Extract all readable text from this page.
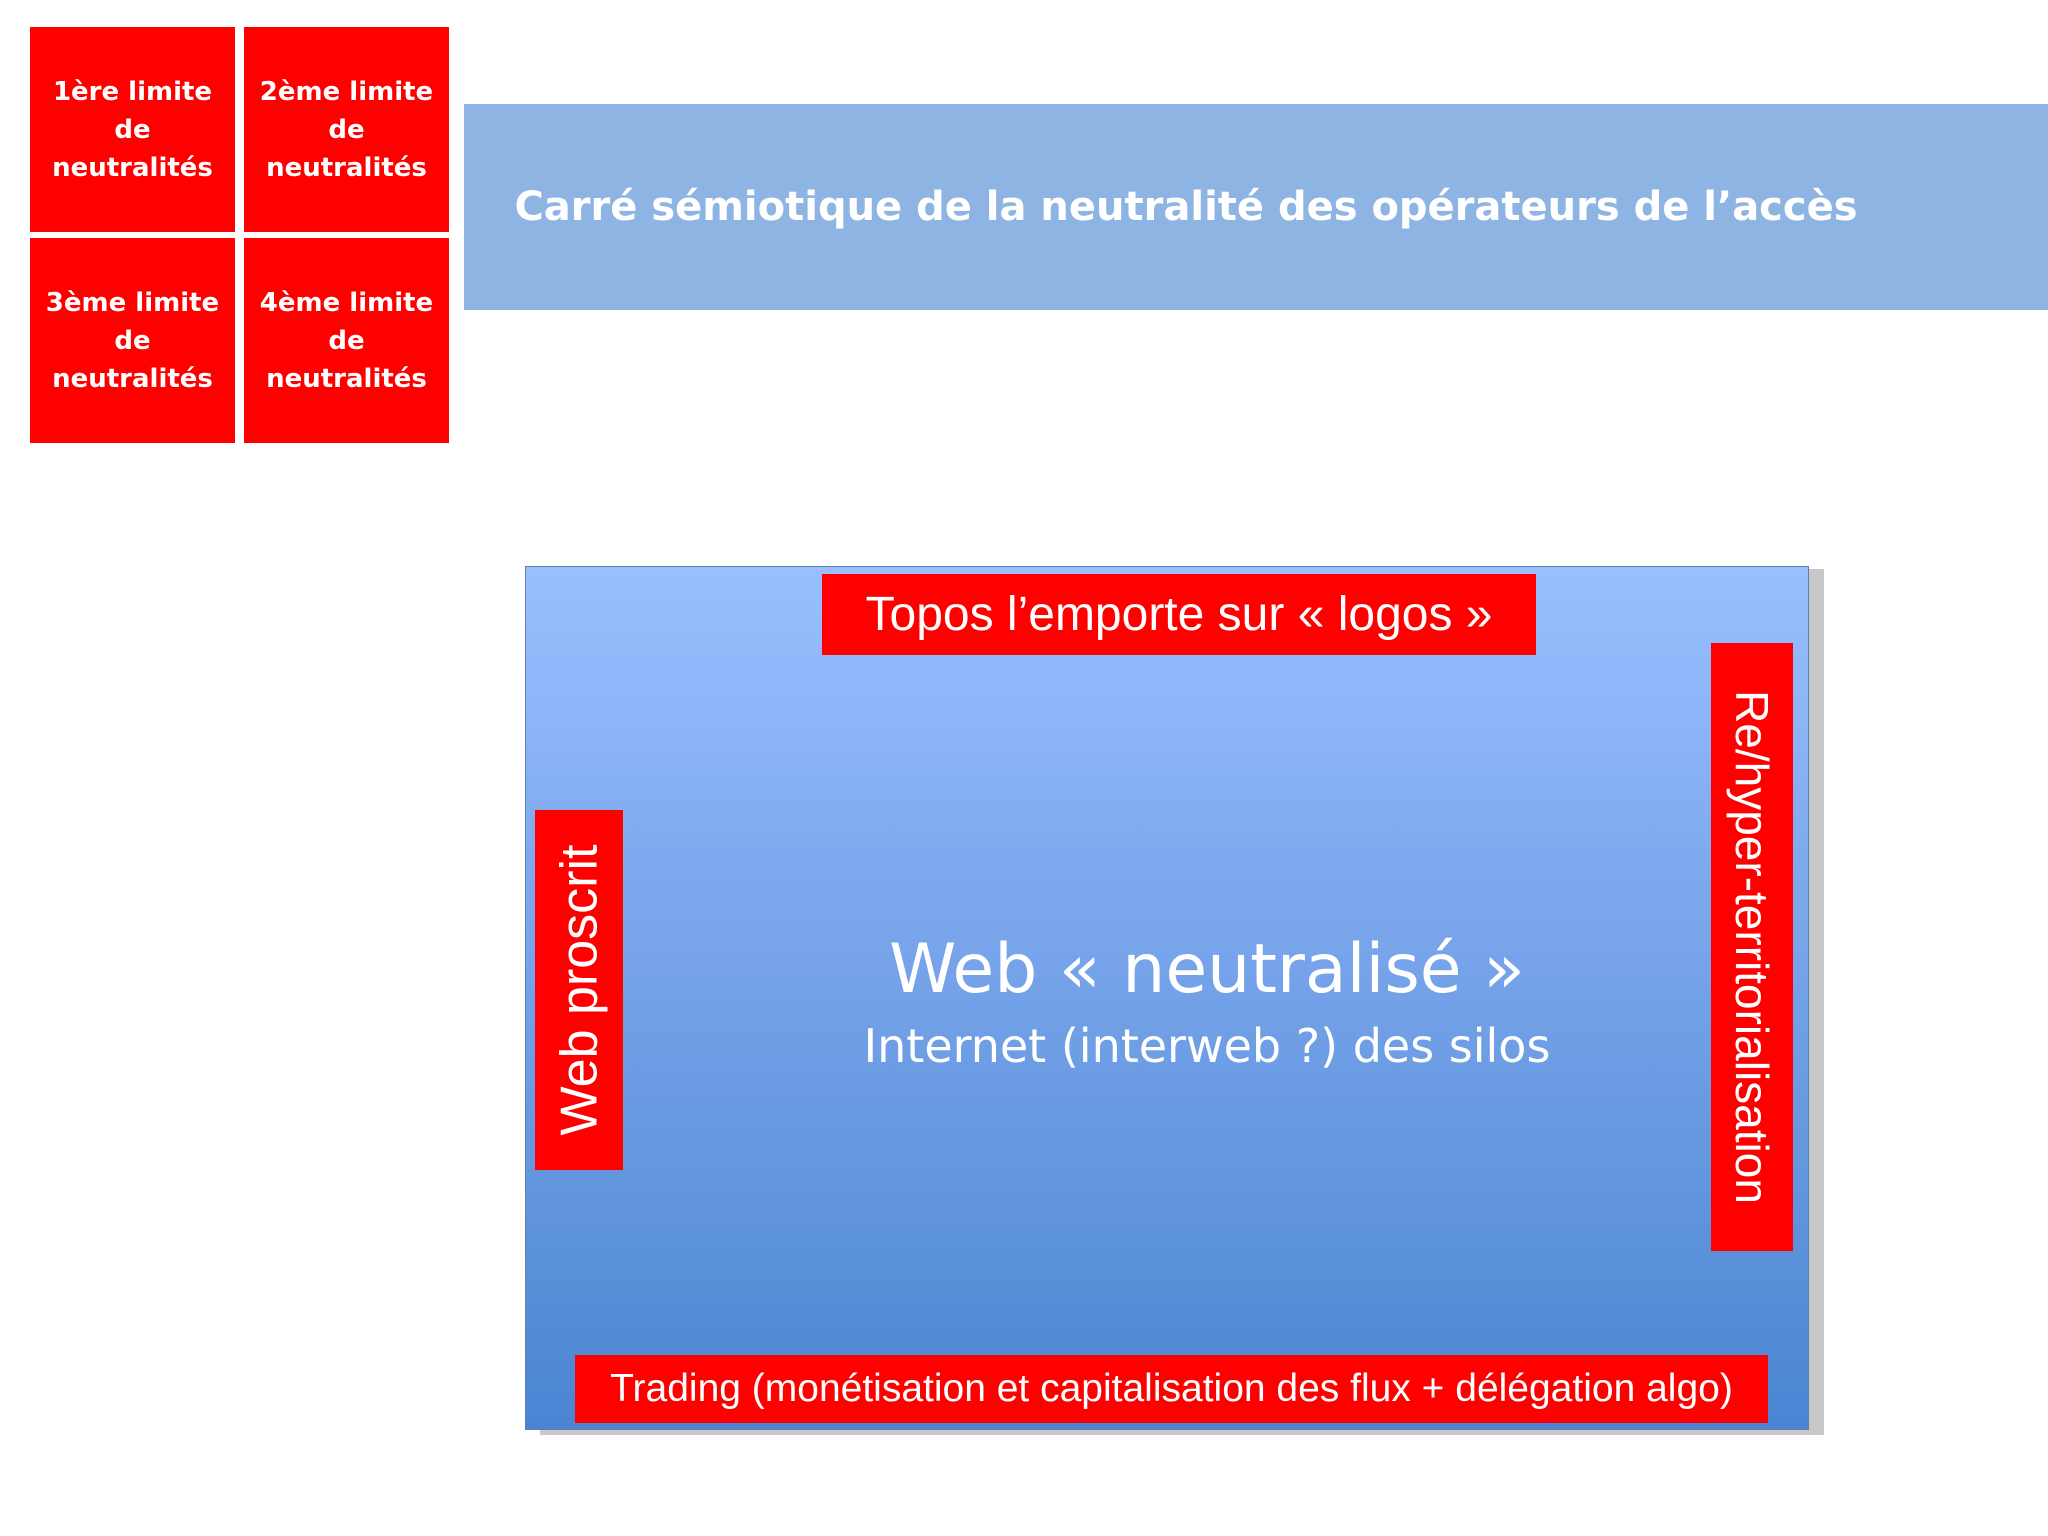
1ère limite
de
neutralités
2ème limite
de
neutralités
3ème limite
de
neutralités
4ème limite
de
neutralités
Carré sémiotique de la neutralité des opérateurs de l’accès
Web « neutralisé »
Internet (interweb ?) des silos
Topos l’emporte sur « logos »
Trading (monétisation et capitalisation des flux + délégation algo)
Web proscrit	Re/hyper-territorialisation
